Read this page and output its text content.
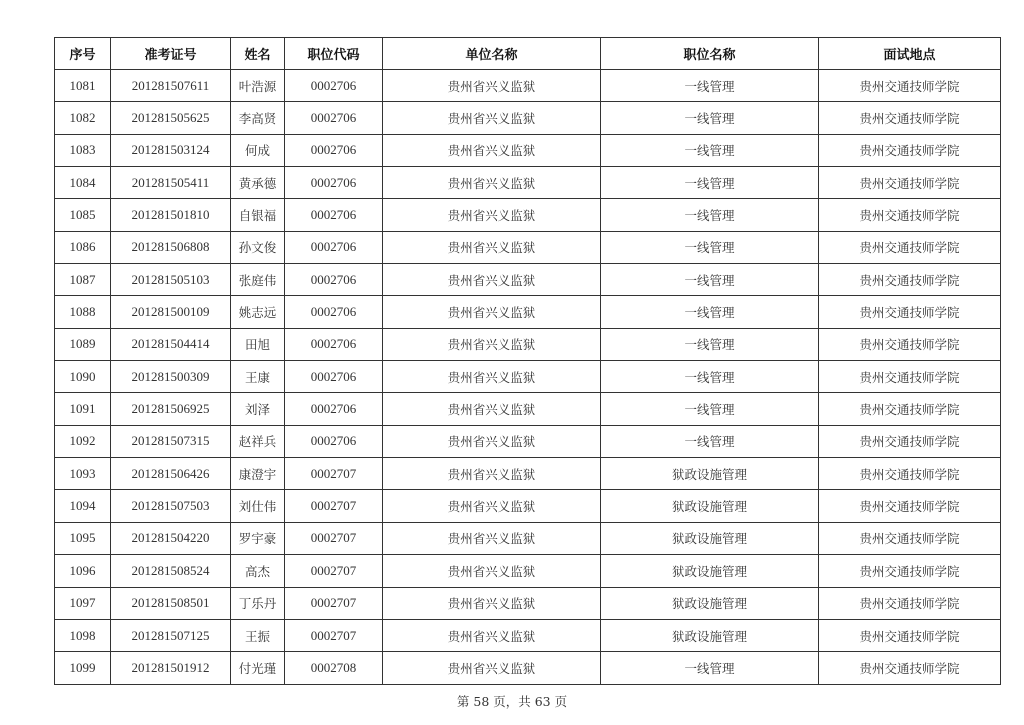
序号	准考证号	姓名	职位代码	单位名称	职位名称	面试地点
1081	201281507611	叶浩源	0002706	贵州省兴义监狱	一线管理	贵州交通技师学院
1082	201281505625	李高贤	0002706	贵州省兴义监狱	一线管理	贵州交通技师学院
1083	201281503124	何成	0002706	贵州省兴义监狱	一线管理	贵州交通技师学院
1084	201281505411	黄承德	0002706	贵州省兴义监狱	一线管理	贵州交通技师学院
1085	201281501810	自银福	0002706	贵州省兴义监狱	一线管理	贵州交通技师学院
1086	201281506808	孙文俊	0002706	贵州省兴义监狱	一线管理	贵州交通技师学院
1087	201281505103	张庭伟	0002706	贵州省兴义监狱	一线管理	贵州交通技师学院
1088	201281500109	姚志远	0002706	贵州省兴义监狱	一线管理	贵州交通技师学院
1089	201281504414	田旭	0002706	贵州省兴义监狱	一线管理	贵州交通技师学院
1090	201281500309	王康	0002706	贵州省兴义监狱	一线管理	贵州交通技师学院
1091	201281506925	刘泽	0002706	贵州省兴义监狱	一线管理	贵州交通技师学院
1092	201281507315	赵祥兵	0002706	贵州省兴义监狱	一线管理	贵州交通技师学院
1093	201281506426	康澄宇	0002707	贵州省兴义监狱	狱政设施管理	贵州交通技师学院
1094	201281507503	刘仕伟	0002707	贵州省兴义监狱	狱政设施管理	贵州交通技师学院
1095	201281504220	罗宇豪	0002707	贵州省兴义监狱	狱政设施管理	贵州交通技师学院
1096	201281508524	高杰	0002707	贵州省兴义监狱	狱政设施管理	贵州交通技师学院
1097	201281508501	丁乐丹	0002707	贵州省兴义监狱	狱政设施管理	贵州交通技师学院
1098	201281507125	王振	0002707	贵州省兴义监狱	狱政设施管理	贵州交通技师学院
1099	201281501912	付光瑾	0002708	贵州省兴义监狱	一线管理	贵州交通技师学院
第 58 页，共 63 页
